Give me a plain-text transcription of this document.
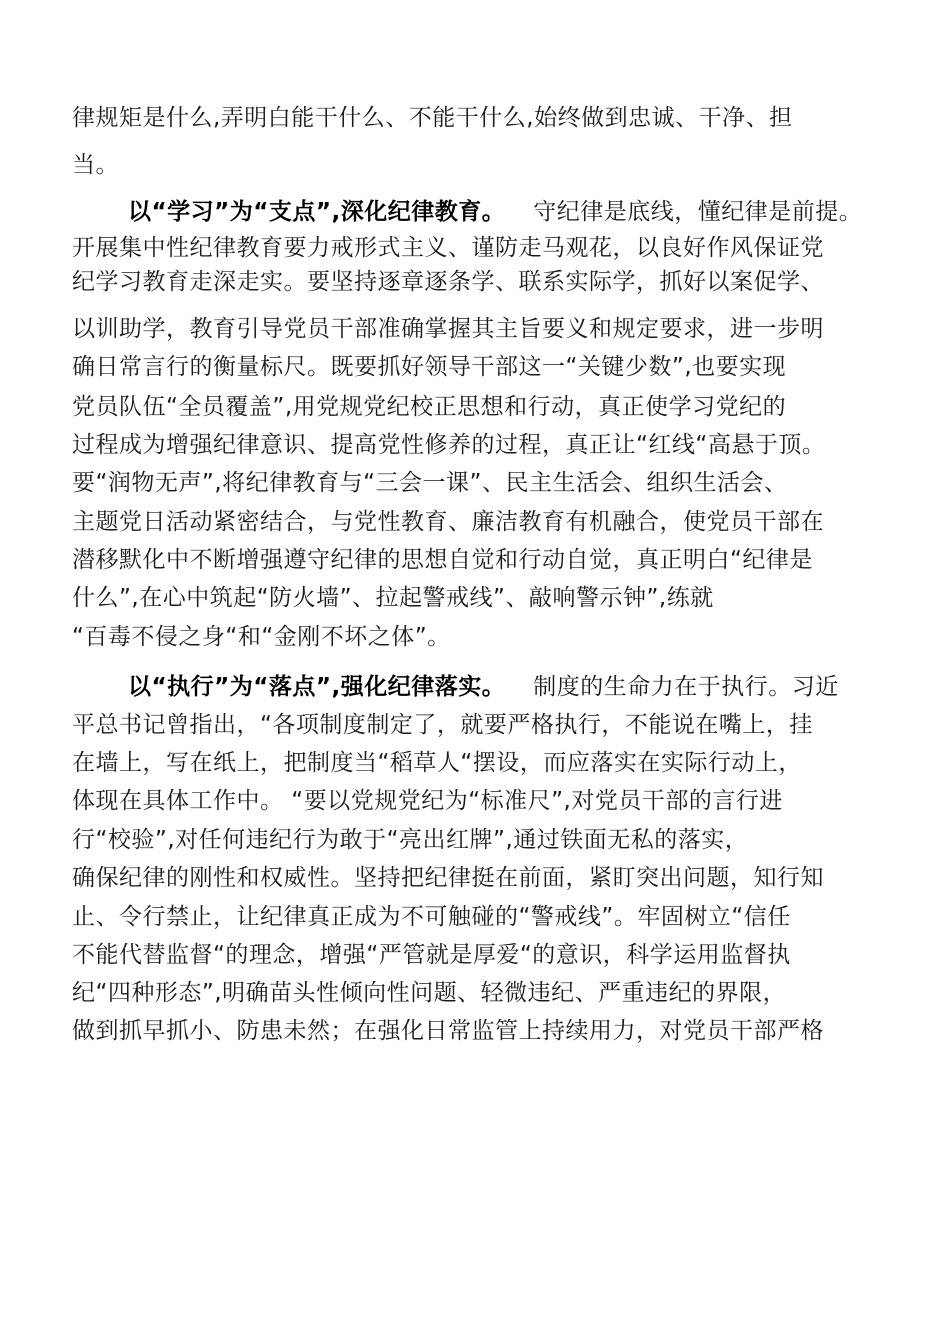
律规矩是什么,弄明白能干什么、不能干什么,始终做到忠诚、干净、担
当。
以“学习”为“支点”,深化纪律教育。 守纪律是底线，懂纪律是前提。
开展集中性纪律教育要力戒形式主义、谨防走马观花，以良好作风保证党
纪学习教育走深走实。要坚持逐章逐条学、联系实际学，抓好以案促学、
以训助学，教育引导党员干部准确掌握其主旨要义和规定要求，进一步明
确日常言行的衡量标尺。既要抓好领导干部这一“关键少数”,也要实现
党员队伍“全员覆盖”,用党规党纪校正思想和行动，真正使学习党纪的
过程成为增强纪律意识、提高党性修养的过程，真正让“红线“高悬于顶。
要“润物无声”,将纪律教育与“三会一课”、民主生活会、组织生活会、
主题党日活动紧密结合，与党性教育、廉洁教育有机融合，使党员干部在
潜移默化中不断增强遵守纪律的思想自觉和行动自觉，真正明白“纪律是
什么”,在心中筑起“防火墙”、拉起警戒线”、敲响警示钟”,练就
“百毒不侵之身“和“金刚不坏之体”。
以“执行”为“落点”,强化纪律落实。 制度的生命力在于执行。习近
平总书记曾指出，“各项制度制定了，就要严格执行，不能说在嘴上，挂
在墙上，写在纸上，把制度当“稻草人“摆设，而应落实在实际行动上，
体现在具体工作中。 “要以党规党纪为“标准尺”,对党员干部的言行进
行“校验”,对任何违纪行为敢于“亮出红牌”,通过铁面无私的落实，
确保纪律的刚性和权威性。坚持把纪律挺在前面，紧盯突出问题，知行知
止、令行禁止，让纪律真正成为不可触碰的“警戒线”。牢固树立“信任
不能代替监督“的理念，增强“严管就是厚爱“的意识，科学运用监督执
纪“四种形态”,明确苗头性倾向性问题、轻微违纪、严重违纪的界限，
做到抓早抓小、防患未然；在强化日常监管上持续用力，对党员干部严格
